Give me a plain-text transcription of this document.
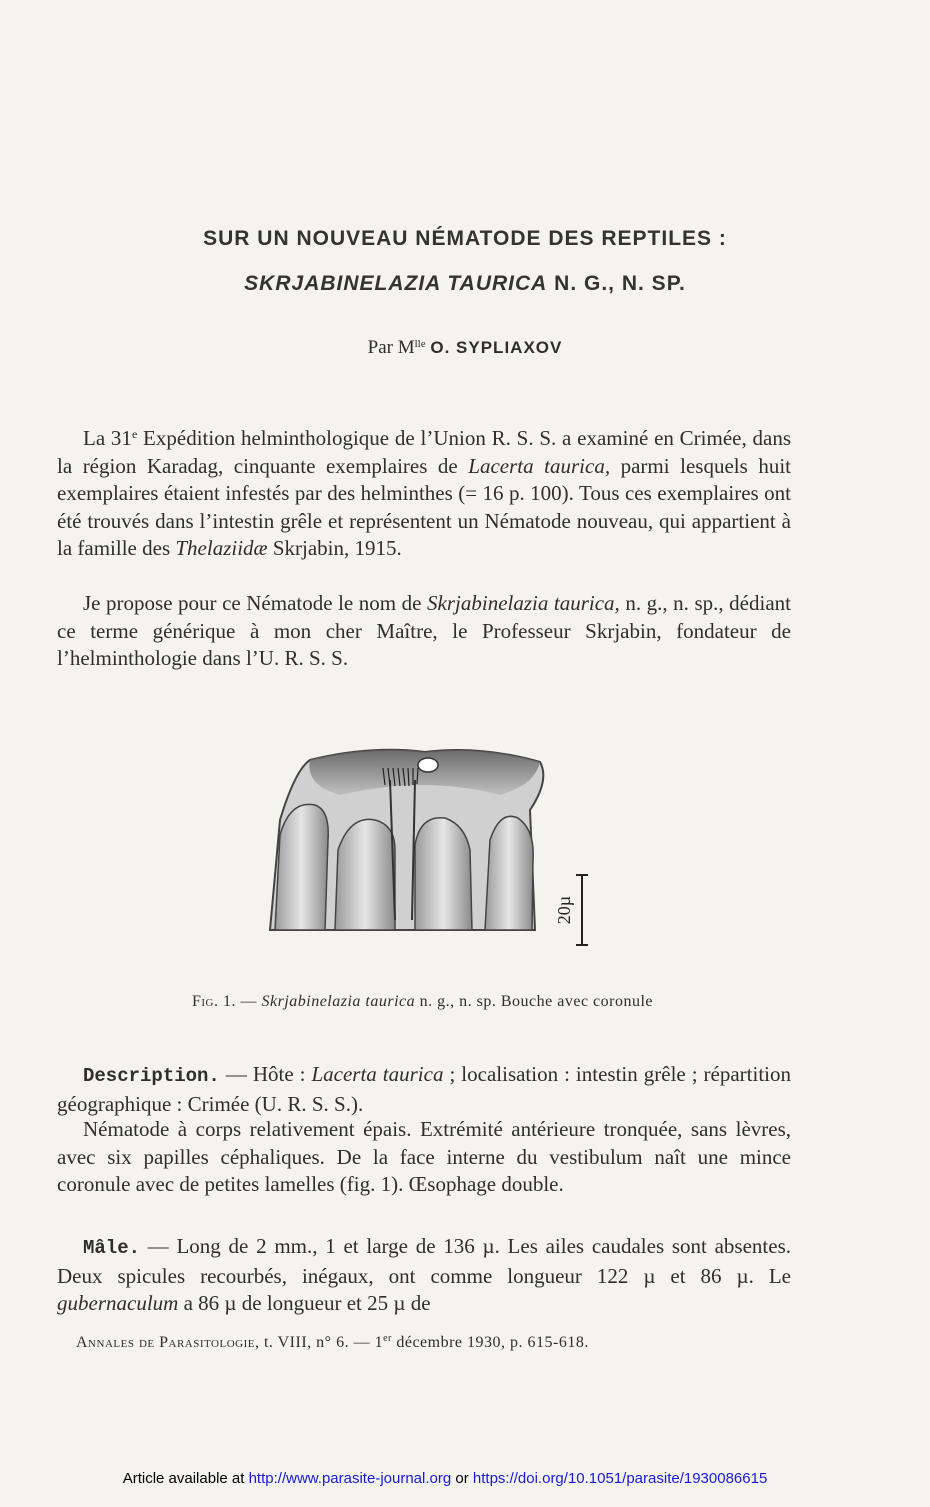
SUR UN NOUVEAU NÉMATODE DES REPTILES :
SKRJABINELAZIA TAURICA N. G., N. SP.
Par $M^{lle}$ O. SYPLIAXOV
La 31e Expédition helminthologique de l’Union R. S. S. a examiné en Crimée, dans la région Karadag, cinquante exemplaires de Lacerta taurica, parmi lesquels huit exemplaires étaient infestés par des helminthes (= 16 p. 100). Tous ces exemplaires ont été trouvés dans l’intestin grêle et représentent un Nématode nouveau, qui appartient à la famille des Thelaziidæ Skrjabin, 1915.
Je propose pour ce Nématode le nom de Skrjabinelazia taurica, n. g., n. sp., dédiant ce terme générique à mon cher Maître, le Professeur Skrjabin, fondateur de l’helminthologie dans l’U. R. S. S.
20µ
Fig. 1. — Skrjabinelazia taurica n. g., n. sp. Bouche avec coronule
Description. — Hôte : Lacerta taurica ; localisation : intestin grêle ; répartition géographique : Crimée (U. R. S. S.).
Nématode à corps relativement épais. Extrémité antérieure tronquée, sans lèvres, avec six papilles céphaliques. De la face interne du vestibulum naît une mince coronule avec de petites lamelles (fig. 1). Œsophage double.
Mâle. — Long de 2 mm., 1 et large de 136 µ. Les ailes caudales sont absentes. Deux spicules recourbés, inégaux, ont comme longueur 122 µ et 86 µ. Le gubernaculum a 86 µ de longueur et 25 µ de
Annales de Parasitologie, t. VIII, n° 6. — 1er décembre 1930, p. 615-618.
Article available at http://www.parasite-journal.org or https://doi.org/10.1051/parasite/1930086615
